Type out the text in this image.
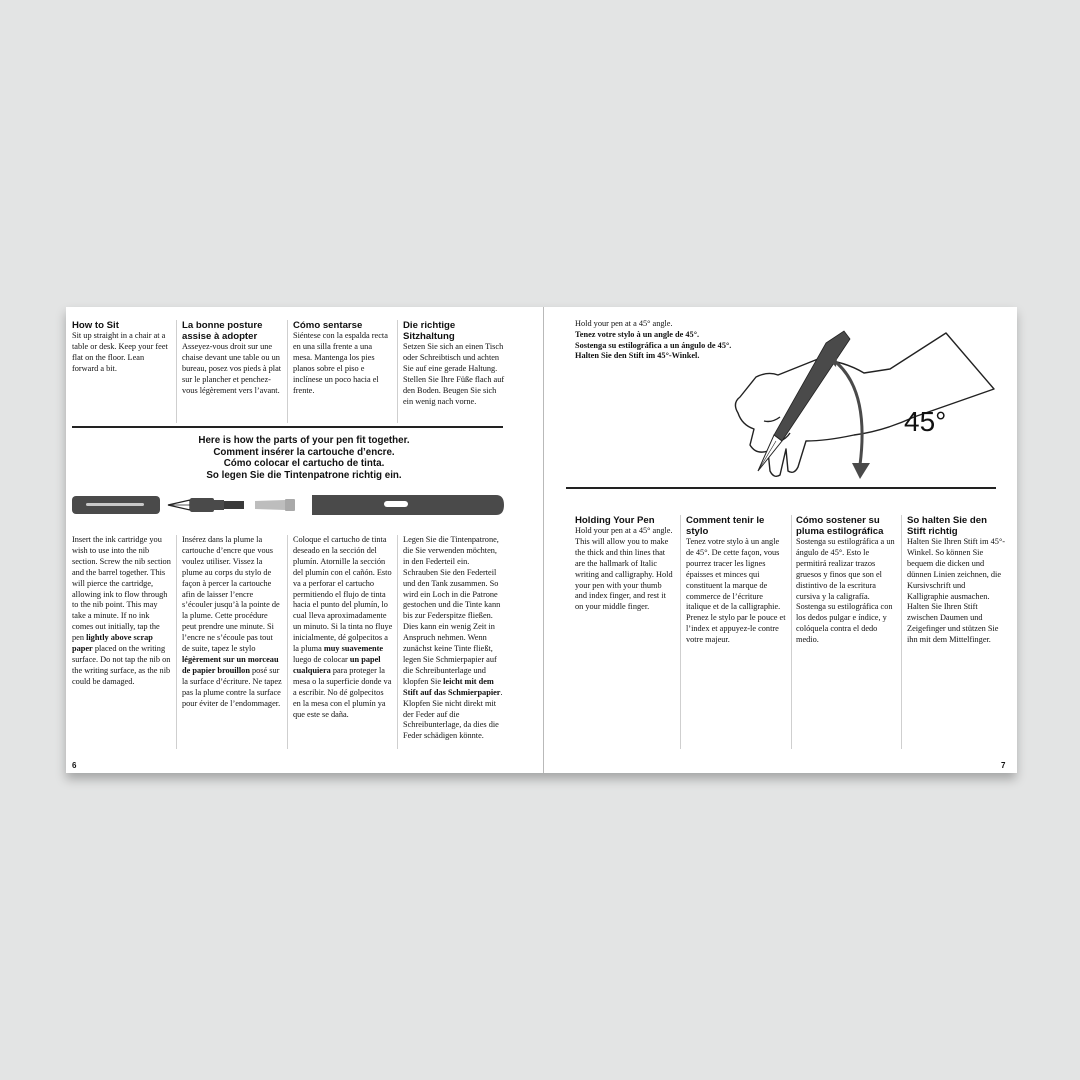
How to Sit

Sit up straight in a chair at a table or desk. Keep your feet flat on the floor. Lean forward a bit.

La bonne posture assise à adopter

Asseyez-vous droit sur une chaise devant une table ou un bureau, posez vos pieds à plat sur le plancher et penchez-vous légèrement vers l’avant.

Cómo sentarse

Siéntese con la espalda recta en una silla frente a una mesa. Mantenga los pies planos sobre el piso e inclínese un poco hacia el frente.

Die richtige Sitzhaltung

Setzen Sie sich an einen Tisch oder Schreibtisch und achten Sie auf eine gerade Haltung. Stellen Sie Ihre Füße flach auf den Boden. Beugen Sie sich ein wenig nach vorne.

Here is how the parts of your pen fit together.
Comment insérer la cartouche d’encre.
Cómo colocar el cartucho de tinta.
So legen Sie die Tintenpatrone richtig ein.

Insert the ink cartridge you wish to use into the nib section. Screw the nib section and the barrel together. This will pierce the cartridge, allowing ink to flow through to the nib point. This may take a minute. If no ink comes out initially, tap the pen lightly above scrap paper placed on the writing surface. Do not tap the nib on the writing surface, as the nib could be damaged.

Insérez dans la plume la cartouche d’encre que vous voulez utiliser. Vissez la plume au corps du stylo de façon à percer la cartouche afin de laisser l’encre s’écouler jusqu’à la pointe de la plume. Cette procédure peut prendre une minute. Si l’encre ne s’écoule pas tout de suite, tapez le stylo légèrement sur un morceau de papier brouillon posé sur la surface d’écriture. Ne tapez pas la plume contre la surface pour éviter de l’endommager.

Coloque el cartucho de tinta deseado en la sección del plumín. Atornille la sección del plumín con el cañón. Esto va a perforar el cartucho permitiendo el flujo de tinta hacia el punto del plumín, lo cual lleva aproximadamente un minuto. Si la tinta no fluye inicialmente, dé golpecitos a la pluma muy suavemente luego de colocar un papel cualquiera para proteger la mesa o la superficie donde va a escribir. No dé golpecitos en la mesa con el plumín ya que este se daña.

Legen Sie die Tintenpatrone, die Sie verwenden möchten, in den Federteil ein. Schrauben Sie den Federteil und den Tank zusammen. So wird ein Loch in die Patrone gestochen und die Tinte kann bis zur Federspitze fließen. Dies kann ein wenig Zeit in Anspruch nehmen. Wenn zunächst keine Tinte fließt, legen Sie Schmierpapier auf die Schreibunterlage und klopfen Sie leicht mit dem Stift auf das Schmierpapier. Klopfen Sie nicht direkt mit der Feder auf die Schreibunterlage, da dies die Feder schädigen könnte.

6
Hold your pen at a 45° angle.
Tenez votre stylo à un angle de 45°.
Sostenga su estilográfica a un ángulo de 45°.
Halten Sie den Stift im 45°-Winkel.
45°
Holding Your Pen

Hold your pen at a 45° angle. This will allow you to make the thick and thin lines that are the hallmark of Italic writing and calligraphy. Hold your pen with your thumb and index finger, and rest it on your middle finger.

Comment tenir le stylo

Tenez votre stylo à un angle de 45°. De cette façon, vous pourrez tracer les lignes épaisses et minces qui constituent la marque de commerce de l’écriture italique et de la calligraphie. Prenez le stylo par le pouce et l’index et appuyez-le contre votre majeur.

Cómo sostener su pluma estilográfica

Sostenga su estilográfica a un ángulo de 45°. Esto le permitirá realizar trazos gruesos y finos que son el distintivo de la escritura cursiva y la caligrafía. Sostenga su estilográfica con los dedos pulgar e índice, y colóquela contra el dedo medio.

So halten Sie den Stift richtig

Halten Sie Ihren Stift im 45°-Winkel. So können Sie bequem die dicken und dünnen Linien zeichnen, die Kursivschrift und Kalligraphie ausmachen. Halten Sie Ihren Stift zwischen Daumen und Zeigefinger und stützen Sie ihn mit dem Mittelfinger.

7
